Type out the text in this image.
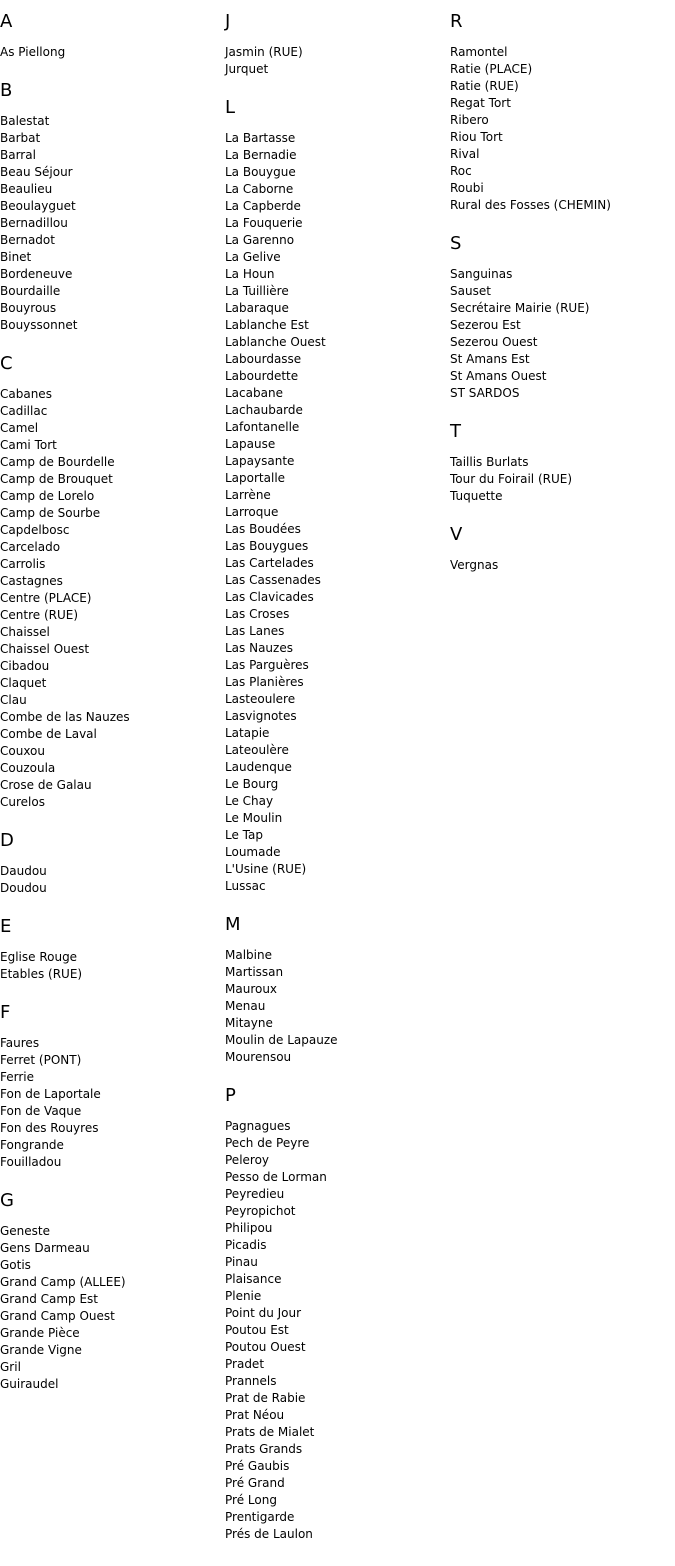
A
As Piellong
B
Balestat
Barbat
Barral
Beau Séjour
Beaulieu
Beoulayguet
Bernadillou
Bernadot
Binet
Bordeneuve
Bourdaille
Bouyrous
Bouyssonnet
C
Cabanes
Cadillac
Camel
Cami Tort
Camp de Bourdelle
Camp de Brouquet
Camp de Lorelo
Camp de Sourbe
Capdelbosc
Carcelado
Carrolis
Castagnes
Centre (PLACE)
Centre (RUE)
Chaissel
Chaissel Ouest
Cibadou
Claquet
Clau
Combe de las Nauzes
Combe de Laval
Couxou
Couzoula
Crose de Galau
Curelos
D
Daudou
Doudou
E
Eglise Rouge
Etables (RUE)
F
Faures
Ferret (PONT)
Ferrie
Fon de Laportale
Fon de Vaque
Fon des Rouyres
Fongrande
Fouilladou
G
Geneste
Gens Darmeau
Gotis
Grand Camp (ALLEE)
Grand Camp Est
Grand Camp Ouest
Grande Pièce
Grande Vigne
Gril
Guiraudel
J
Jasmin (RUE)
Jurquet
L
La Bartasse
La Bernadie
La Bouygue
La Caborne
La Capberde
La Fouquerie
La Garenno
La Gelive
La Houn
La Tuillière
Labaraque
Lablanche Est
Lablanche Ouest
Labourdasse
Labourdette
Lacabane
Lachaubarde
Lafontanelle
Lapause
Lapaysante
Laportalle
Larrène
Larroque
Las Boudées
Las Bouygues
Las Cartelades
Las Cassenades
Las Clavicades
Las Croses
Las Lanes
Las Nauzes
Las Parguères
Las Planières
Lasteoulere
Lasvignotes
Latapie
Lateoulère
Laudenque
Le Bourg
Le Chay
Le Moulin
Le Tap
Loumade
L'Usine (RUE)
Lussac
M
Malbine
Martissan
Mauroux
Menau
Mitayne
Moulin de Lapauze
Mourensou
P
Pagnagues
Pech de Peyre
Peleroy
Pesso de Lorman
Peyredieu
Peyropichot
Philipou
Picadis
Pinau
Plaisance
Plenie
Point du Jour
Poutou Est
Poutou Ouest
Pradet
Prannels
Prat de Rabie
Prat Néou
Prats de Mialet
Prats Grands
Pré Gaubis
Pré Grand
Pré Long
Prentigarde
Prés de Laulon
R
Ramontel
Ratie (PLACE)
Ratie (RUE)
Regat Tort
Ribero
Riou Tort
Rival
Roc
Roubi
Rural des Fosses (CHEMIN)
S
Sanguinas
Sauset
Secrétaire Mairie (RUE)
Sezerou Est
Sezerou Ouest
St Amans Est
St Amans Ouest
ST SARDOS
T
Taillis Burlats
Tour du Foirail (RUE)
Tuquette
V
Vergnas
